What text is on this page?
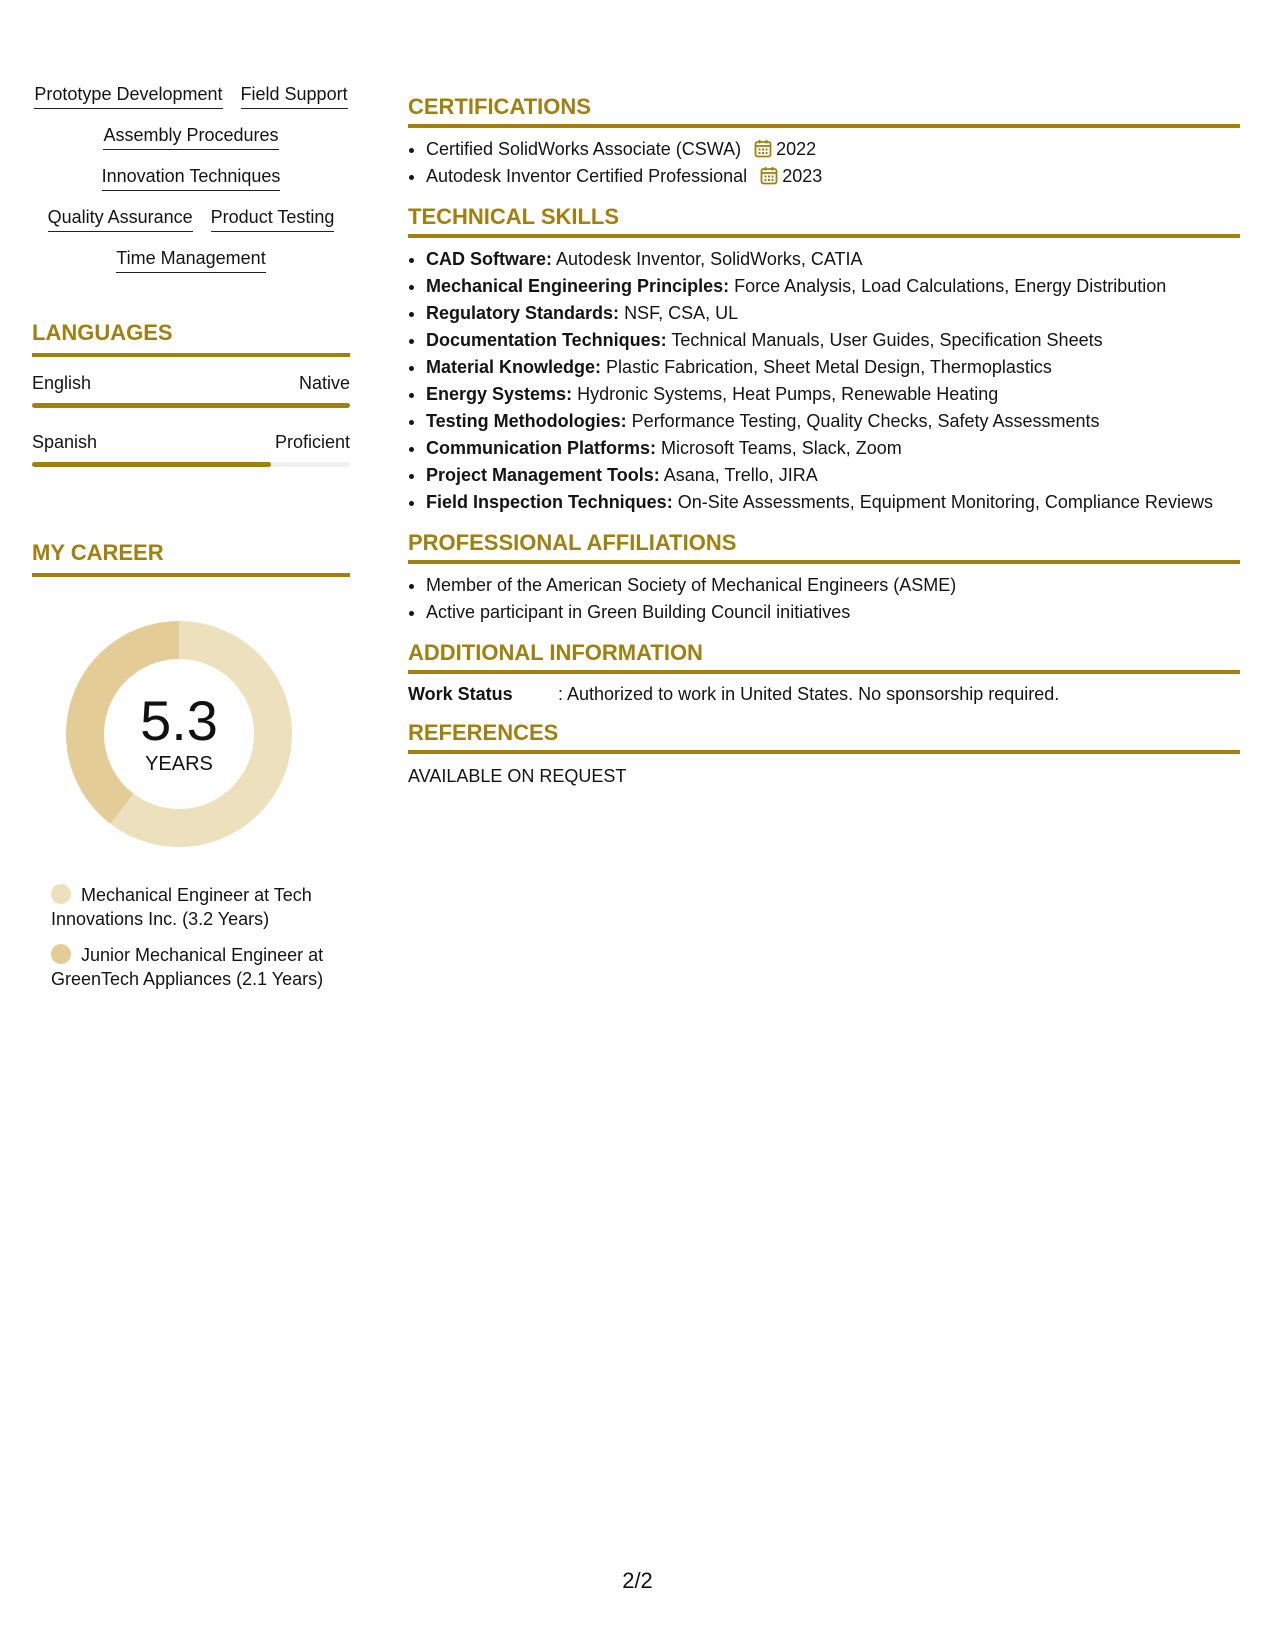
Prototype Development Field Support
Assembly Procedures
Innovation Techniques
Quality Assurance Product Testing
Time Management
LANGUAGES
English	Native
Spanish	Proficient
MY CAREER
5.3
YEARS
Mechanical Engineer at Tech Innovations Inc. (3.2 Years)
Junior Mechanical Engineer at GreenTech Appliances (2.1 Years)
CERTIFICATIONS
• Certified SolidWorks Associate (CSWA) 2022
• Autodesk Inventor Certified Professional 2023
TECHNICAL SKILLS
• CAD Software: Autodesk Inventor, SolidWorks, CATIA
• Mechanical Engineering Principles: Force Analysis, Load Calculations, Energy Distribution
• Regulatory Standards: NSF, CSA, UL
• Documentation Techniques: Technical Manuals, User Guides, Specification Sheets
• Material Knowledge: Plastic Fabrication, Sheet Metal Design, Thermoplastics
• Energy Systems: Hydronic Systems, Heat Pumps, Renewable Heating
• Testing Methodologies: Performance Testing, Quality Checks, Safety Assessments
• Communication Platforms: Microsoft Teams, Slack, Zoom
• Project Management Tools: Asana, Trello, JIRA
• Field Inspection Techniques: On-Site Assessments, Equipment Monitoring, Compliance Reviews
PROFESSIONAL AFFILIATIONS
• Member of the American Society of Mechanical Engineers (ASME)
• Active participant in Green Building Council initiatives
ADDITIONAL INFORMATION
Work Status	: Authorized to work in United States. No sponsorship required.
REFERENCES
AVAILABLE ON REQUEST
2/2
